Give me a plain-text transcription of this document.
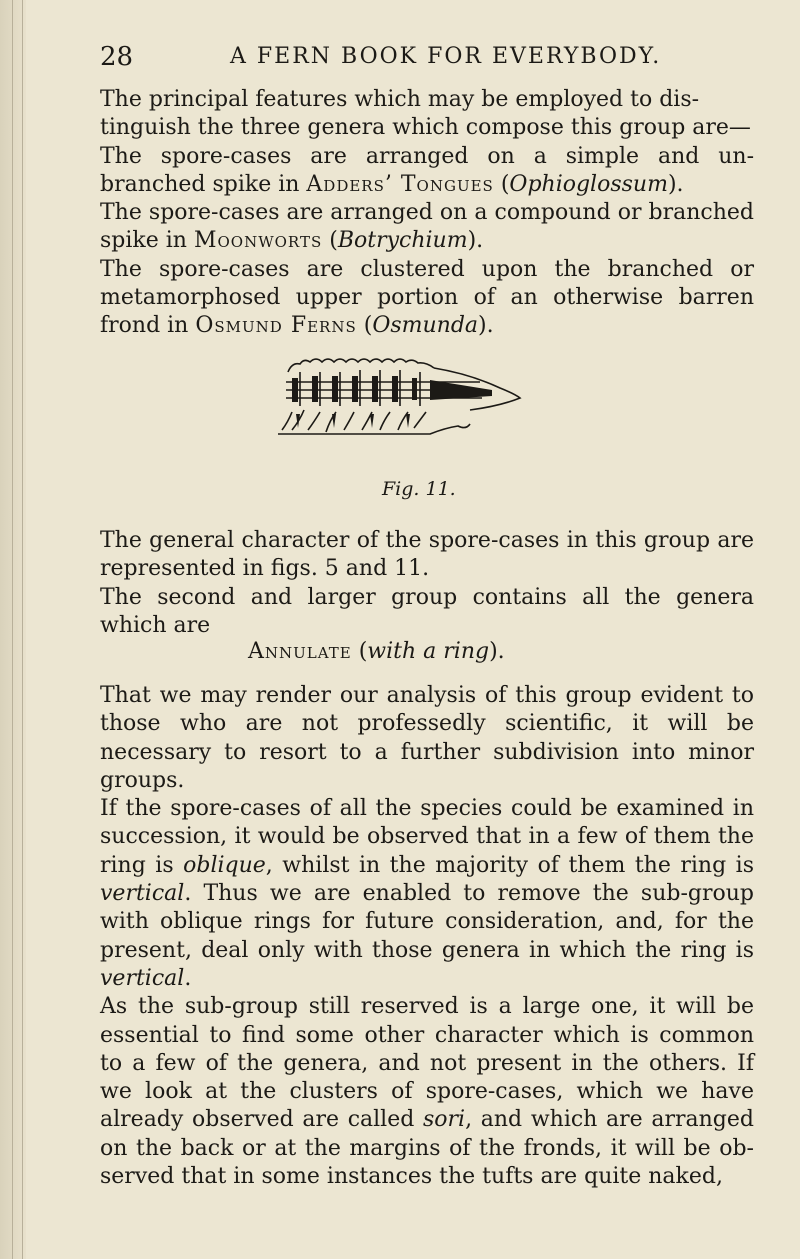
28	A FERN BOOK FOR EVERYBODY.
The principal features which may be employed to dis-
tinguish the three genera which compose this group are—

The spore-cases are arranged on a simple and un-branched spike in Adders’ Tongues (Ophioglossum).

The spore-cases are arranged on a compound or branched spike in Moonworts (Botrychium).

The spore-cases are clustered upon the branched or metamorphosed upper portion of an otherwise barren frond in Osmund Ferns (Osmunda).

Fig. 11.

The general character of the spore-cases in this group are represented in figs. 5 and 11.

The second and larger group contains all the genera which are

Annulate (with a ring).

That we may render our analysis of this group evident to those who are not professedly scientific, it will be necessary to resort to a further subdivision into minor groups.

If the spore-cases of all the species could be examined in succession, it would be observed that in a few of them the ring is oblique, whilst in the majority of them the ring is vertical. Thus we are enabled to remove the sub-group with oblique rings for future consideration, and, for the present, deal only with those genera in which the ring is vertical.

As the sub-group still reserved is a large one, it will be essential to find some other character which is common to a few of the genera, and not present in the others. If we look at the clusters of spore-cases, which we have already observed are called sori, and which are arranged on the back or at the margins of the fronds, it will be ob-served that in some instances the tufts are quite naked,
